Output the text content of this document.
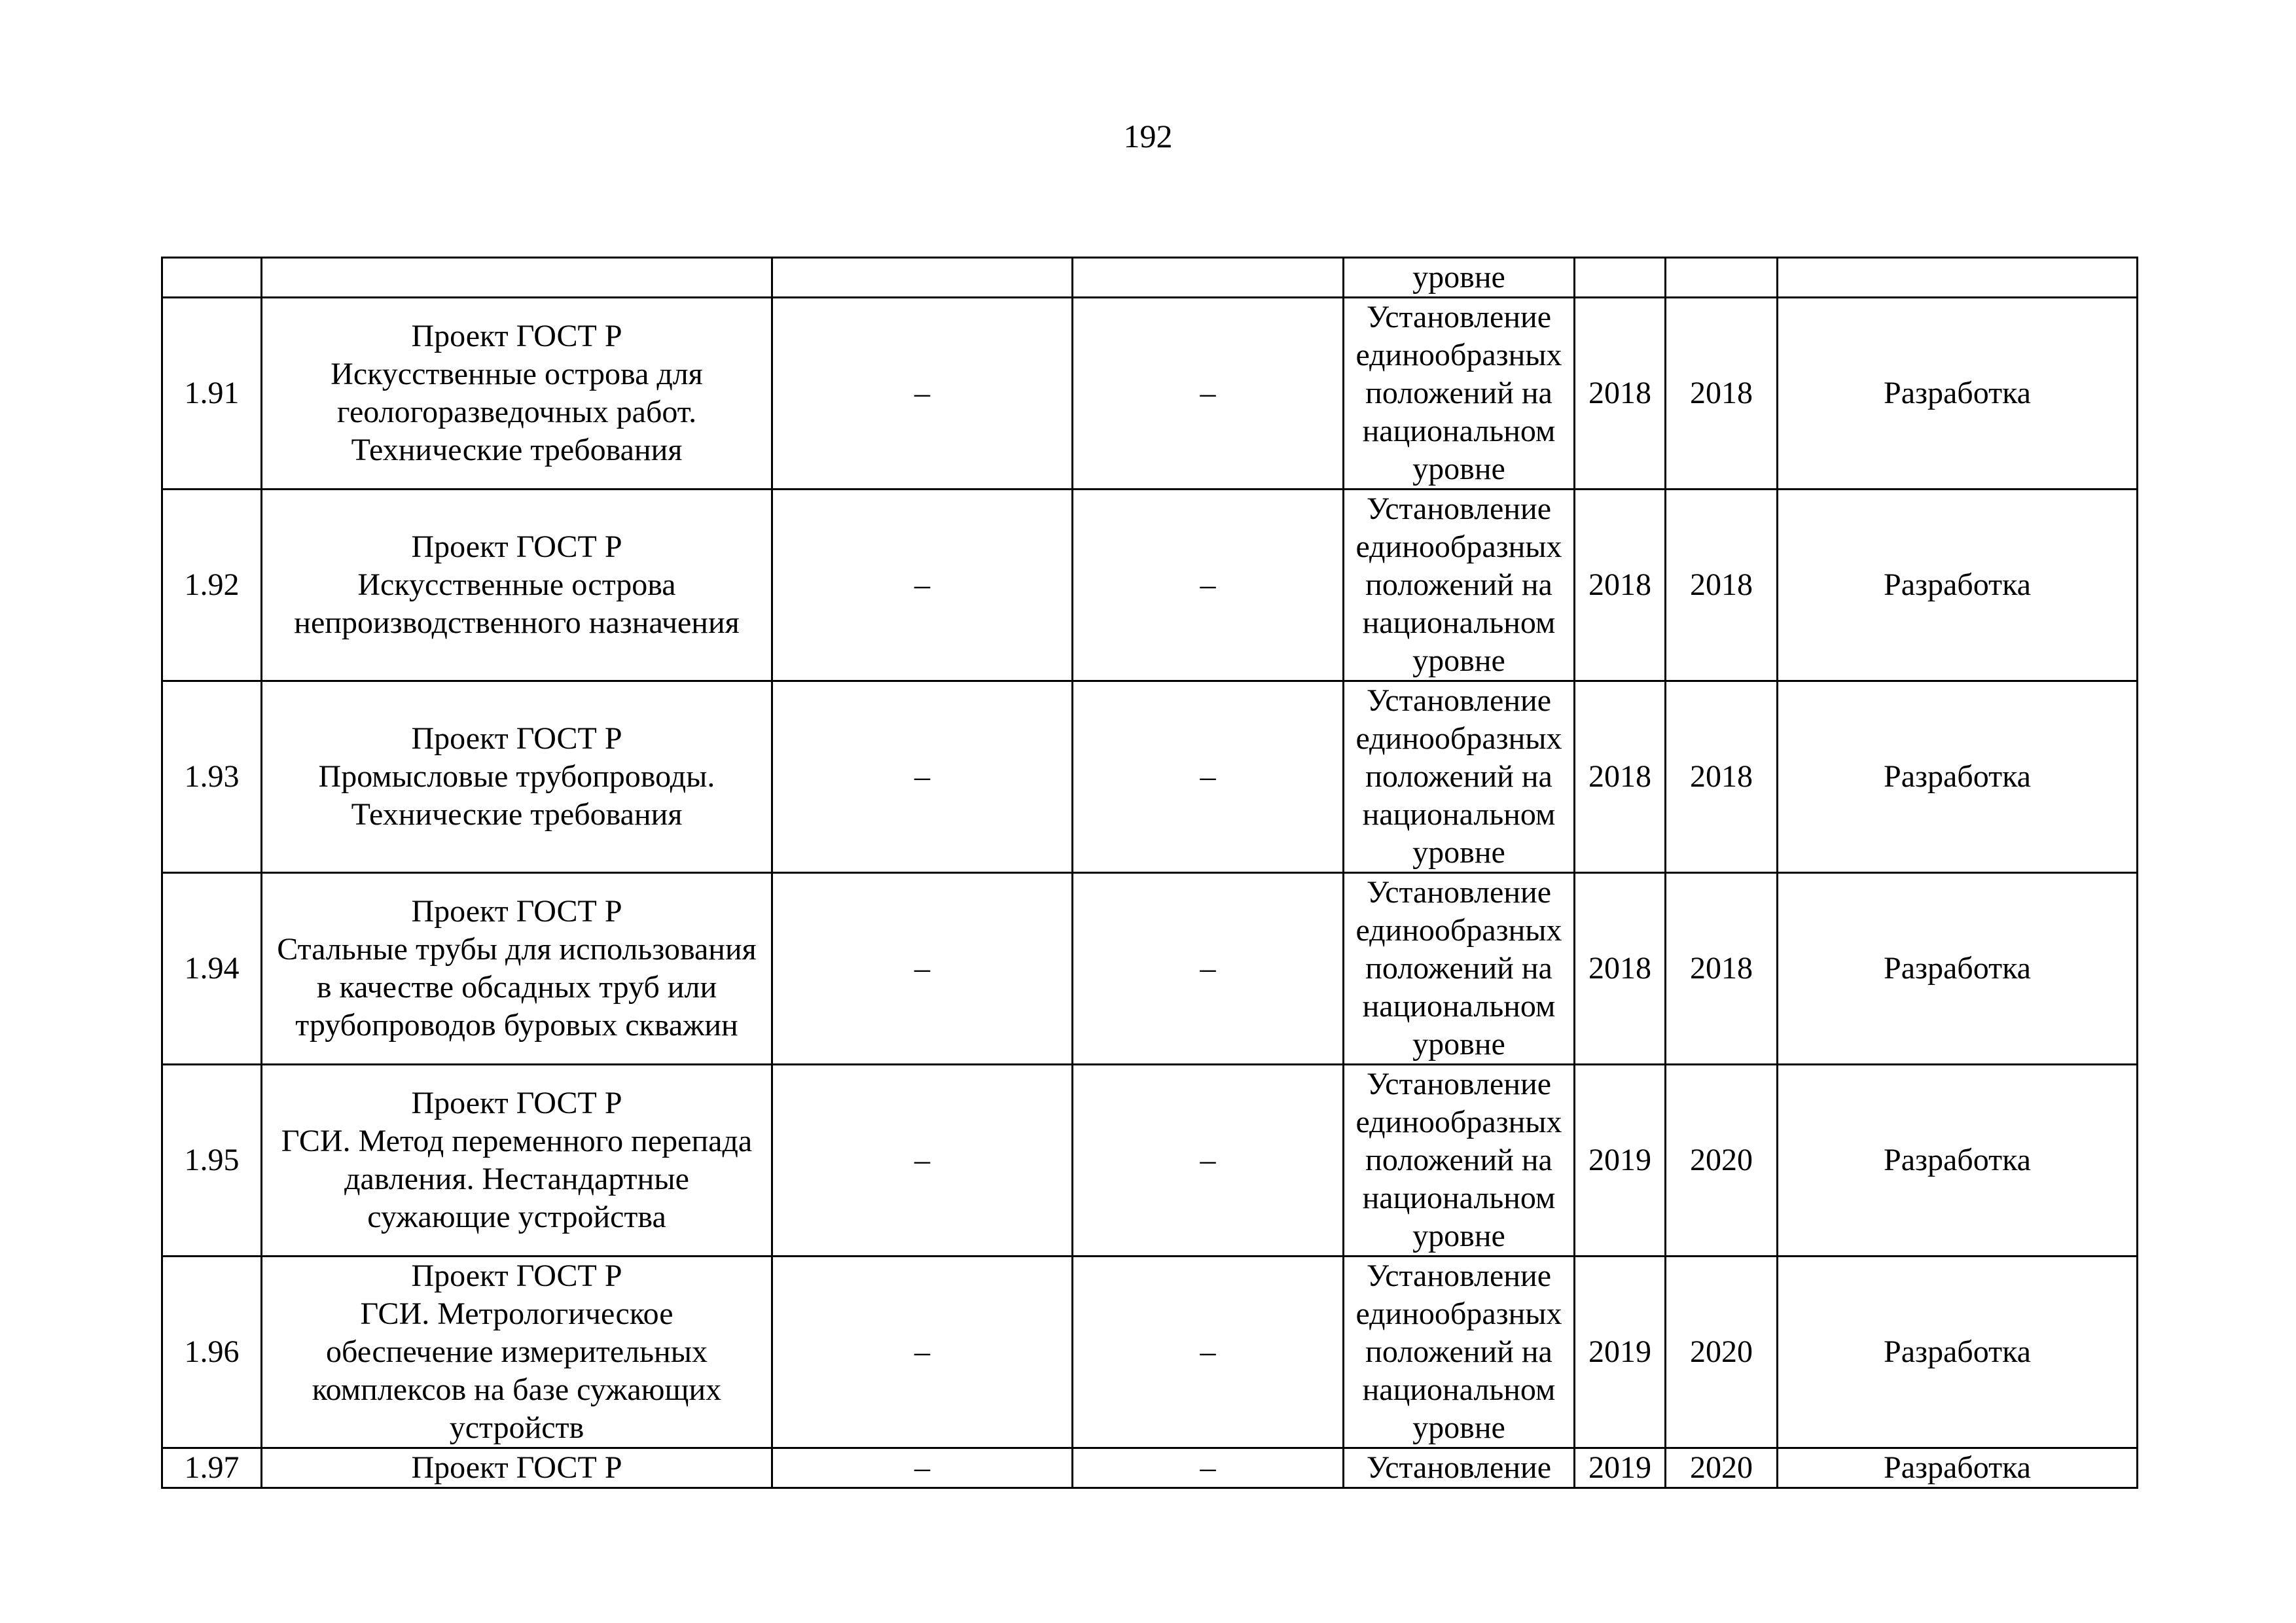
192
				уровне			
1.91	Проект ГОСТ Р
Искусственные острова для
геологоразведочных работ.
Технические требования	–	–	Установление
единообразных
положений на
национальном
уровне	2018	2018	Разработка
1.92	Проект ГОСТ Р
Искусственные острова
непроизводственного назначения	–	–	Установление
единообразных
положений на
национальном
уровне	2018	2018	Разработка
1.93	Проект ГОСТ Р
Промысловые трубопроводы.
Технические требования	–	–	Установление
единообразных
положений на
национальном
уровне	2018	2018	Разработка
1.94	Проект ГОСТ Р
Стальные трубы для использования
в качестве обсадных труб или
трубопроводов буровых скважин	–	–	Установление
единообразных
положений на
национальном
уровне	2018	2018	Разработка
1.95	Проект ГОСТ Р
ГСИ. Метод переменного перепада
давления. Нестандартные
сужающие устройства	–	–	Установление
единообразных
положений на
национальном
уровне	2019	2020	Разработка
1.96	Проект ГОСТ Р
ГСИ. Метрологическое
обеспечение измерительных
комплексов на базе сужающих
устройств	–	–	Установление
единообразных
положений на
национальном
уровне	2019	2020	Разработка
1.97	Проект ГОСТ Р	–	–	Установление	2019	2020	Разработка
